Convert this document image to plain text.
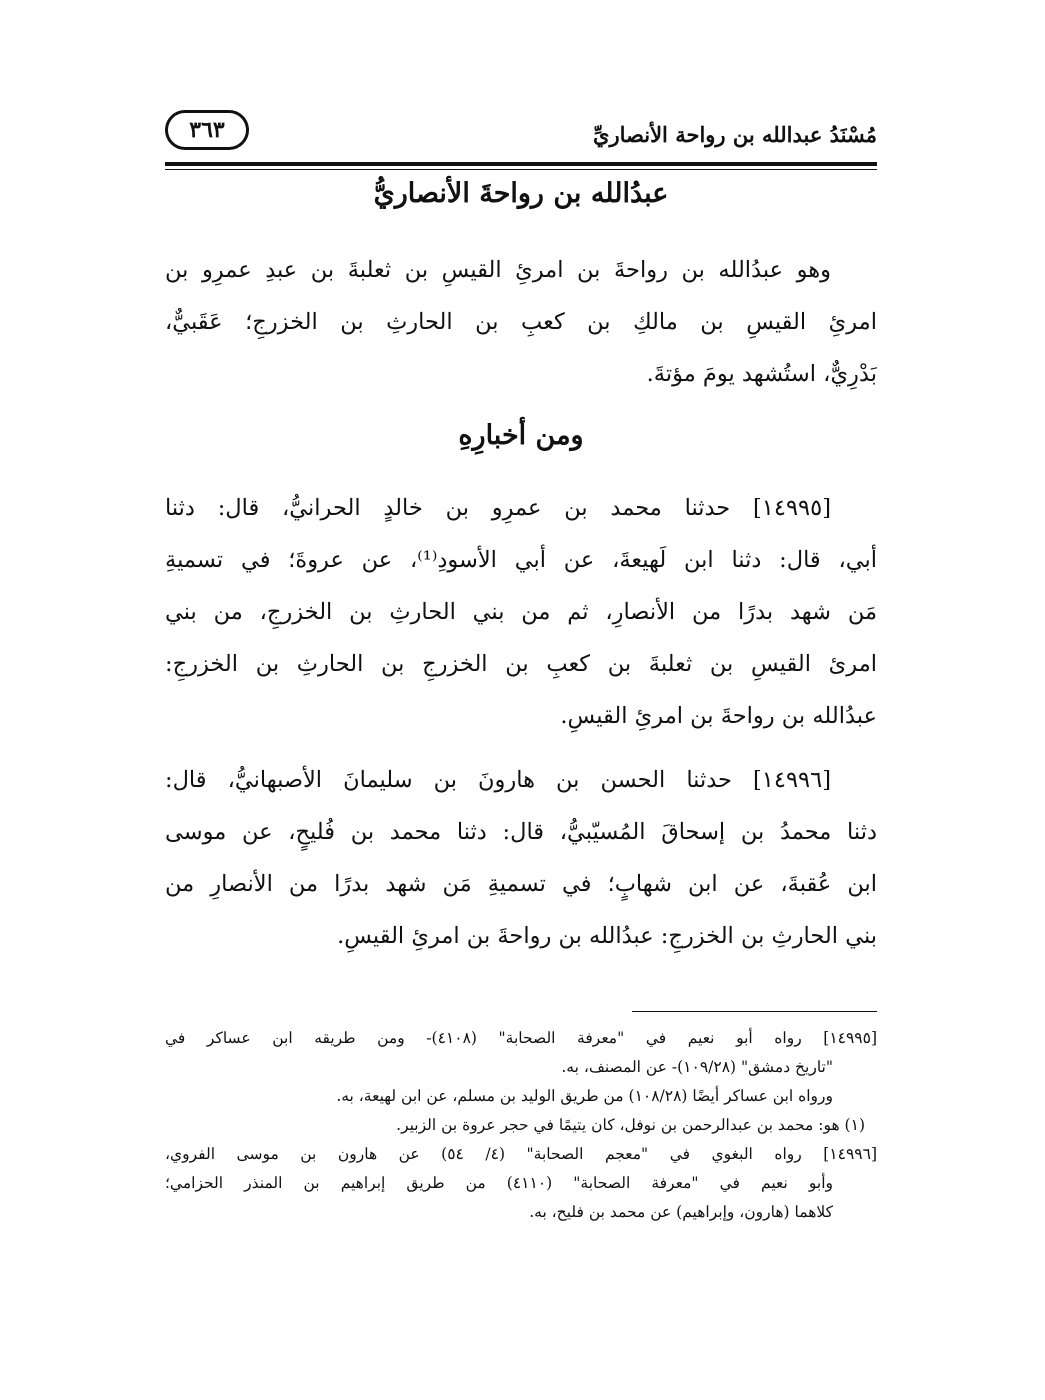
مُسْنَدُ عبدالله بن رواحة الأنصاريِّ
٣٦٣
عبدُالله بن رواحةَ الأنصاريُّ
وهو عبدُالله بن رواحةَ بن امرئِ القيسِ بن ثعلبةَ بن عبدِ عمرِو بن
امرئِ القيسِ بن مالكِ بن كعبِ بن الحارثِ بن الخزرجِ؛ عَقَبيٌّ،
بَدْرِيٌّ، استُشهد يومَ مؤتةَ.
ومن أخبارِهِ
[١٤٩٩٥] حدثنا محمد بن عمرِو بن خالدٍ الحرانيُّ، قال: دثنا
أبي، قال: دثنا ابن لَهيعةَ، عن أبي الأسودِ⁽¹⁾، عن عروةَ؛ في تسميةِ
مَن شهد بدرًا من الأنصارِ، ثم من بني الحارثِ بن الخزرجِ، من بني
امرئ القيسِ بن ثعلبةَ بن كعبِ بن الخزرجِ بن الحارثِ بن الخزرجِ:
عبدُالله بن رواحةَ بن امرئِ القيسِ.
[١٤٩٩٦] حدثنا الحسن بن هارونَ بن سليمانَ الأصبهانيُّ، قال:
دثنا محمدُ بن إسحاقَ المُسيّبيُّ، قال: دثنا محمد بن فُليحٍ، عن موسى
ابن عُقبةَ، عن ابن شهابٍ؛ في تسميةِ مَن شهد بدرًا من الأنصارِ من
بني الحارثِ بن الخزرجِ: عبدُالله بن رواحةَ بن امرئِ القيسِ.
[١٤٩٩٥] رواه أبو نعيم في "معرفة الصحابة" (٤١٠٨)- ومن طريقه ابن عساكر في
"تاريخ دمشق" (١٠٩/٢٨)- عن المصنف، به.
ورواه ابن عساكر أيضًا (١٠٨/٢٨) من طريق الوليد بن مسلم، عن ابن لهيعة، به.
(١) هو: محمد بن عبدالرحمن بن نوفل، كان يتيمًا في حجر عروة بن الزبير.
[١٤٩٩٦] رواه البغوي في "معجم الصحابة" (٤/ ٥٤) عن هارون بن موسى الفروي،
وأبو نعيم في "معرفة الصحابة" (٤١١٠) من طريق إبراهيم بن المنذر الحزامي؛
كلاهما (هارون، وإبراهيم) عن محمد بن فليح، به.
